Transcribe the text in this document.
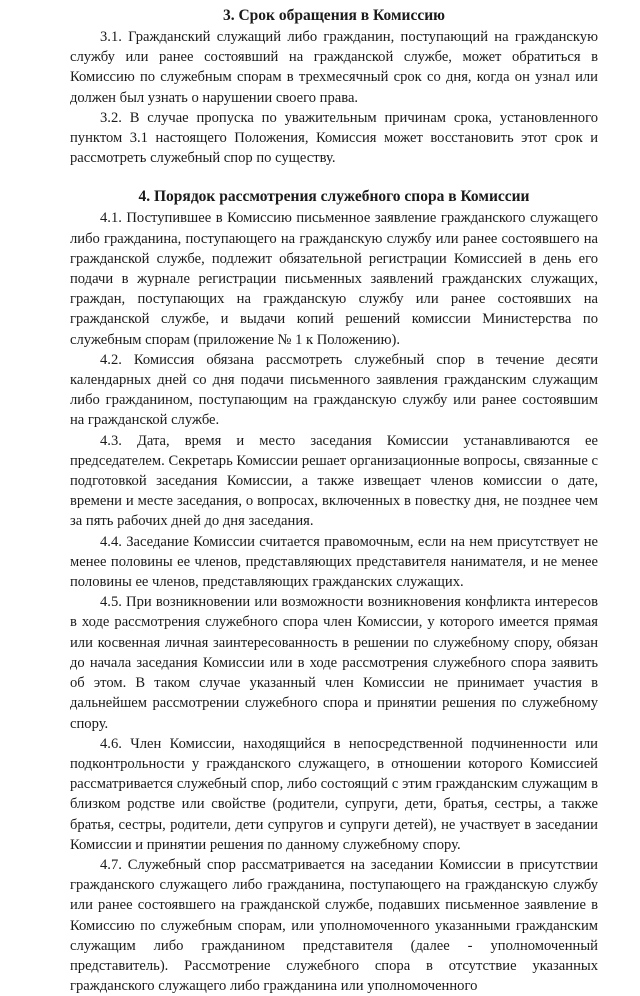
3. Срок обращения в Комиссию

3.1. Гражданский служащий либо гражданин, поступающий на гражданскую службу или ранее состоявший на гражданской службе, может обратиться в Комиссию по служебным спорам в трехмесячный срок со дня, когда он узнал или должен был узнать о нарушении своего права.

3.2. В случае пропуска по уважительным причинам срока, установленного пунктом 3.1 настоящего Положения, Комиссия может восстановить этот срок и рассмотреть служебный спор по существу.

4. Порядок рассмотрения служебного спора в Комиссии

4.1. Поступившее в Комиссию письменное заявление гражданского служащего либо гражданина, поступающего на гражданскую службу или ранее состоявшего на гражданской службе, подлежит обязательной регистрации Комиссией в день его подачи в журнале регистрации письменных заявлений гражданских служащих, граждан, поступающих на гражданскую службу или ранее состоявших на гражданской службе, и выдачи копий решений комиссии Министерства по служебным спорам (приложение № 1 к Положению).

4.2. Комиссия обязана рассмотреть служебный спор в течение десяти календарных дней со дня подачи письменного заявления гражданским служащим либо гражданином, поступающим на гражданскую службу или ранее состоявшим на гражданской службе.

4.3. Дата, время и место заседания Комиссии устанавливаются ее председателем. Секретарь Комиссии решает организационные вопросы, связанные с подготовкой заседания Комиссии, а также извещает членов комиссии о дате, времени и месте заседания, о вопросах, включенных в повестку дня, не позднее чем за пять рабочих дней до дня заседания.

4.4. Заседание Комиссии считается правомочным, если на нем присутствует не менее половины ее членов, представляющих представителя нанимателя, и не менее половины ее членов, представляющих гражданских служащих.

4.5. При возникновении или возможности возникновения конфликта интересов в ходе рассмотрения служебного спора член Комиссии, у которого имеется прямая или косвенная личная заинтересованность в решении по служебному спору, обязан до начала заседания Комиссии или в ходе рассмотрения служебного спора заявить об этом. В таком случае указанный член Комиссии не принимает участия в дальнейшем рассмотрении служебного спора и принятии решения по служебному спору.

4.6. Член Комиссии, находящийся в непосредственной подчиненности или подконтрольности у гражданского служащего, в отношении которого Комиссией рассматривается служебный спор, либо состоящий с этим гражданским служащим в близком родстве или свойстве (родители, супруги, дети, братья, сестры, а также братья, сестры, родители, дети супругов и супруги детей), не участвует в заседании Комиссии и принятии решения по данному служебному спору.

4.7. Служебный спор рассматривается на заседании Комиссии в присутствии гражданского служащего либо гражданина, поступающего на гражданскую службу или ранее состоявшего на гражданской службе, подавших письменное заявление в Комиссию по служебным спорам, или уполномоченного указанными гражданским служащим либо гражданином представителя (далее - уполномоченный представитель). Рассмотрение служебного спора в отсутствие указанных гражданского служащего либо гражданина или уполномоченного
